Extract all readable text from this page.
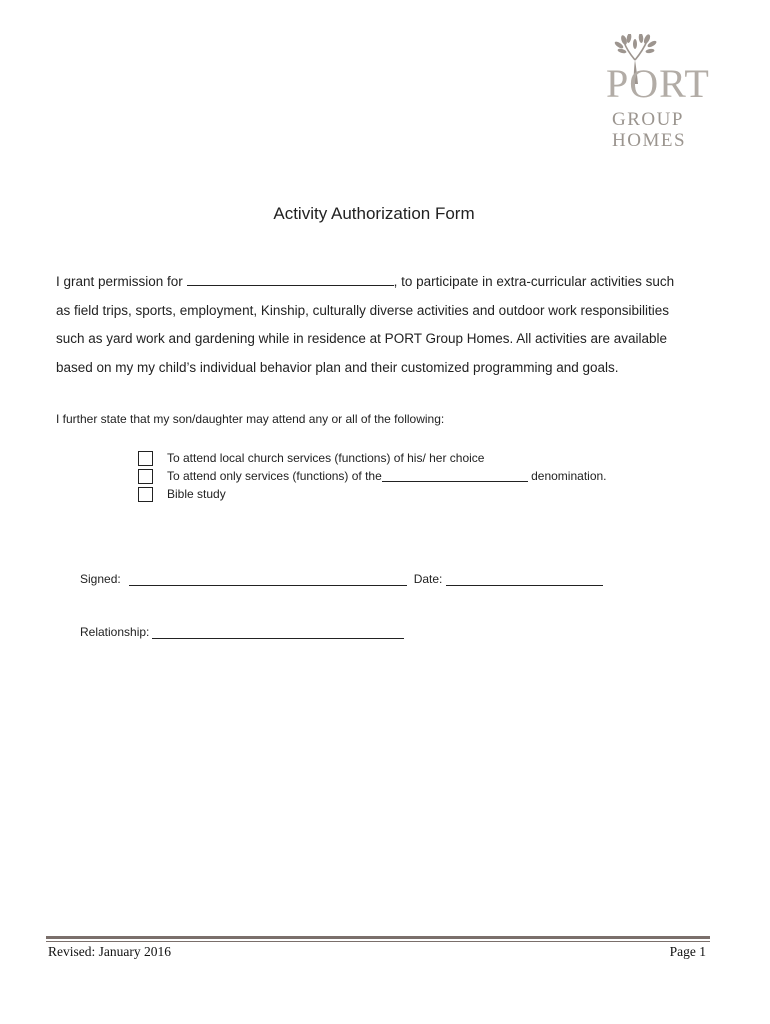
PORT
GROUP
HOMES
Activity Authorization Form
I grant permission for	, to participate in extra-curricular activities such
as field trips, sports, employment, Kinship, culturally diverse activities and outdoor work responsibilities
such as yard work and gardening while in residence at PORT Group Homes. All activities are available
based on my my child’s individual behavior plan and their customized programming and goals.
I further state that my son/daughter may attend any or all of the following:
To attend local church services (functions) of his/ her choice
To attend only services (functions) of the	denomination.
Bible study
Signed:	Date:
Relationship:
Revised: January 2016	Page 1
